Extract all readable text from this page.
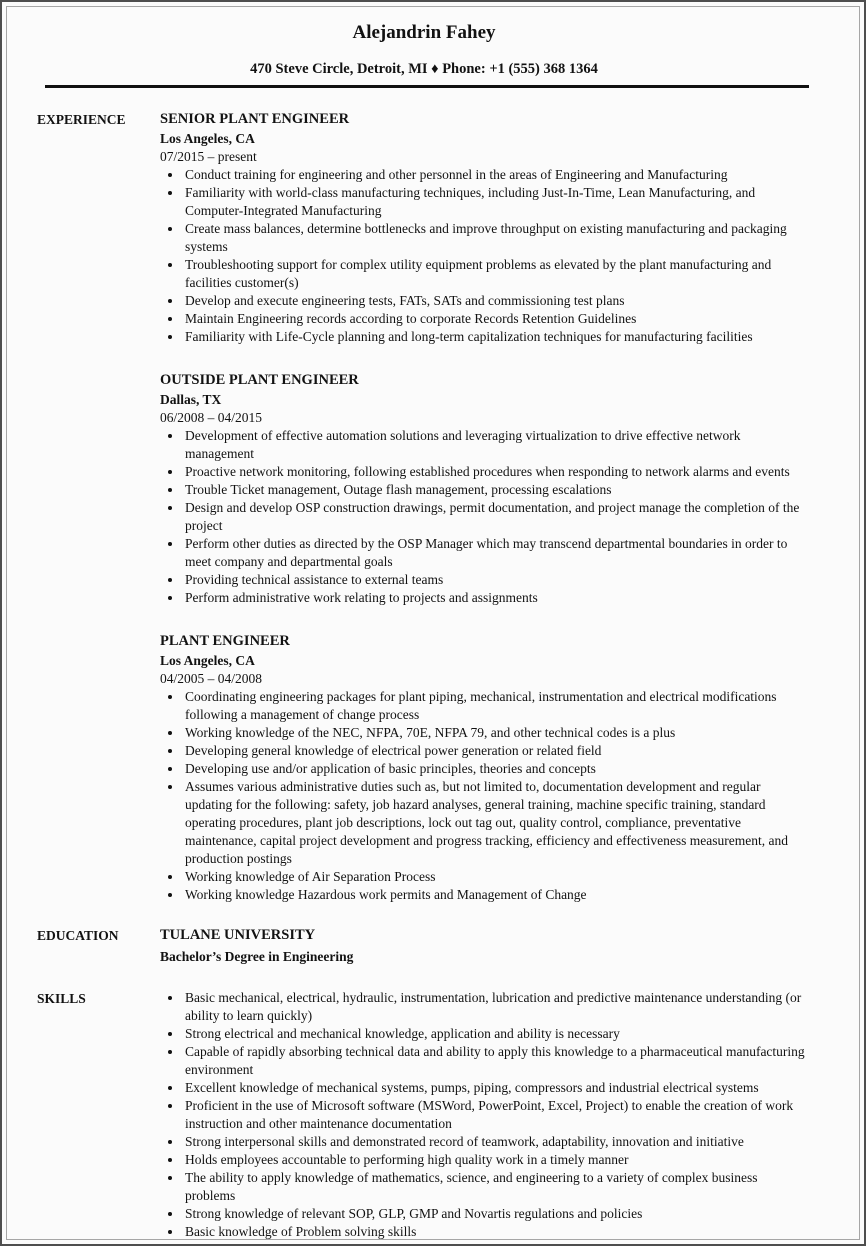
Alejandrin Fahey
470 Steve Circle, Detroit, MI ♦ Phone: +1 (555) 368 1364
EXPERIENCE	SENIOR PLANT ENGINEER
Los Angeles, CA
07/2015 – present
• Conduct training for engineering and other personnel in the areas of Engineering and Manufacturing
• Familiarity with world-class manufacturing techniques, including Just-In-Time, Lean Manufacturing, and Computer-Integrated Manufacturing
• Create mass balances, determine bottlenecks and improve throughput on existing manufacturing and packaging systems
• Troubleshooting support for complex utility equipment problems as elevated by the plant manufacturing and facilities customer(s)
• Develop and execute engineering tests, FATs, SATs and commissioning test plans
• Maintain Engineering records according to corporate Records Retention Guidelines
• Familiarity with Life-Cycle planning and long-term capitalization techniques for manufacturing facilities
OUTSIDE PLANT ENGINEER
Dallas, TX
06/2008 – 04/2015
• Development of effective automation solutions and leveraging virtualization to drive effective network management
• Proactive network monitoring, following established procedures when responding to network alarms and events
• Trouble Ticket management, Outage flash management, processing escalations
• Design and develop OSP construction drawings, permit documentation, and project manage the completion of the project
• Perform other duties as directed by the OSP Manager which may transcend departmental boundaries in order to meet company and departmental goals
• Providing technical assistance to external teams
• Perform administrative work relating to projects and assignments
PLANT ENGINEER
Los Angeles, CA
04/2005 – 04/2008
• Coordinating engineering packages for plant piping, mechanical, instrumentation and electrical modifications following a management of change process
• Working knowledge of the NEC, NFPA, 70E, NFPA 79, and other technical codes is a plus
• Developing general knowledge of electrical power generation or related field
• Developing use and/or application of basic principles, theories and concepts
• Assumes various administrative duties such as, but not limited to, documentation development and regular updating for the following: safety, job hazard analyses, general training, machine specific training, standard operating procedures, plant job descriptions, lock out tag out, quality control, compliance, preventative maintenance, capital project development and progress tracking, efficiency and effectiveness measurement, and production postings
• Working knowledge of Air Separation Process
• Working knowledge Hazardous work permits and Management of Change
EDUCATION	TULANE UNIVERSITY
Bachelor’s Degree in Engineering
SKILLS	• Basic mechanical, electrical, hydraulic, instrumentation, lubrication and predictive maintenance understanding (or ability to learn quickly)
• Strong electrical and mechanical knowledge, application and ability is necessary
• Capable of rapidly absorbing technical data and ability to apply this knowledge to a pharmaceutical manufacturing environment
• Excellent knowledge of mechanical systems, pumps, piping, compressors and industrial electrical systems
• Proficient in the use of Microsoft software (MSWord, PowerPoint, Excel, Project) to enable the creation of work instruction and other maintenance documentation
• Strong interpersonal skills and demonstrated record of teamwork, adaptability, innovation and initiative
• Holds employees accountable to performing high quality work in a timely manner
• The ability to apply knowledge of mathematics, science, and engineering to a variety of complex business problems
• Strong knowledge of relevant SOP, GLP, GMP and Novartis regulations and policies
• Basic knowledge of Problem solving skills
